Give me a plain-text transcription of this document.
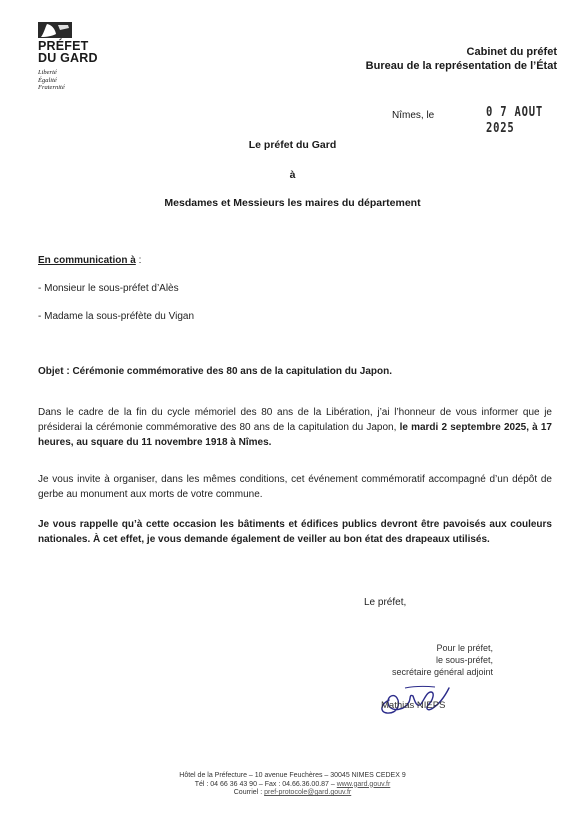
PRÉFET
DU GARD
Liberté
Égalité
Fraternité
Cabinet du préfet
Bureau de la représentation de l’État
Nîmes, le	0 7 AOUT 2025
Le préfet du Gard
à
Mesdames et Messieurs les maires du département
En communication à :
- Monsieur le sous-préfet d’Alès
- Madame la sous-préfète du Vigan
Objet : Cérémonie commémorative des 80 ans de la capitulation du Japon.
Dans le cadre de la fin du cycle mémoriel des 80 ans de la Libération, j’ai l’honneur de vous informer que je présiderai la cérémonie commémorative des 80 ans de la capitulation du Japon, le mardi 2 septembre 2025, à 17 heures, au square du 11 novembre 1918 à Nîmes.
Je vous invite à organiser, dans les mêmes conditions, cet événement commémoratif accompagné d’un dépôt de gerbe au monument aux morts de votre commune.
Je vous rappelle qu’à cette occasion les bâtiments et édifices publics devront être pavoisés aux couleurs nationales. À cet effet, je vous demande également de veiller au bon état des drapeaux utilisés.
Le préfet,
Pour le préfet,
le sous-préfet,
secrétaire général adjoint
Mathias NIEPS
Hôtel de la Préfecture – 10 avenue Feuchères – 30045 NIMES CEDEX 9
Tél : 04 66 36 43 90 – Fax : 04.66.36.00.87 – www.gard.gouv.fr
Courriel : pref-protocole@gard.gouv.fr
